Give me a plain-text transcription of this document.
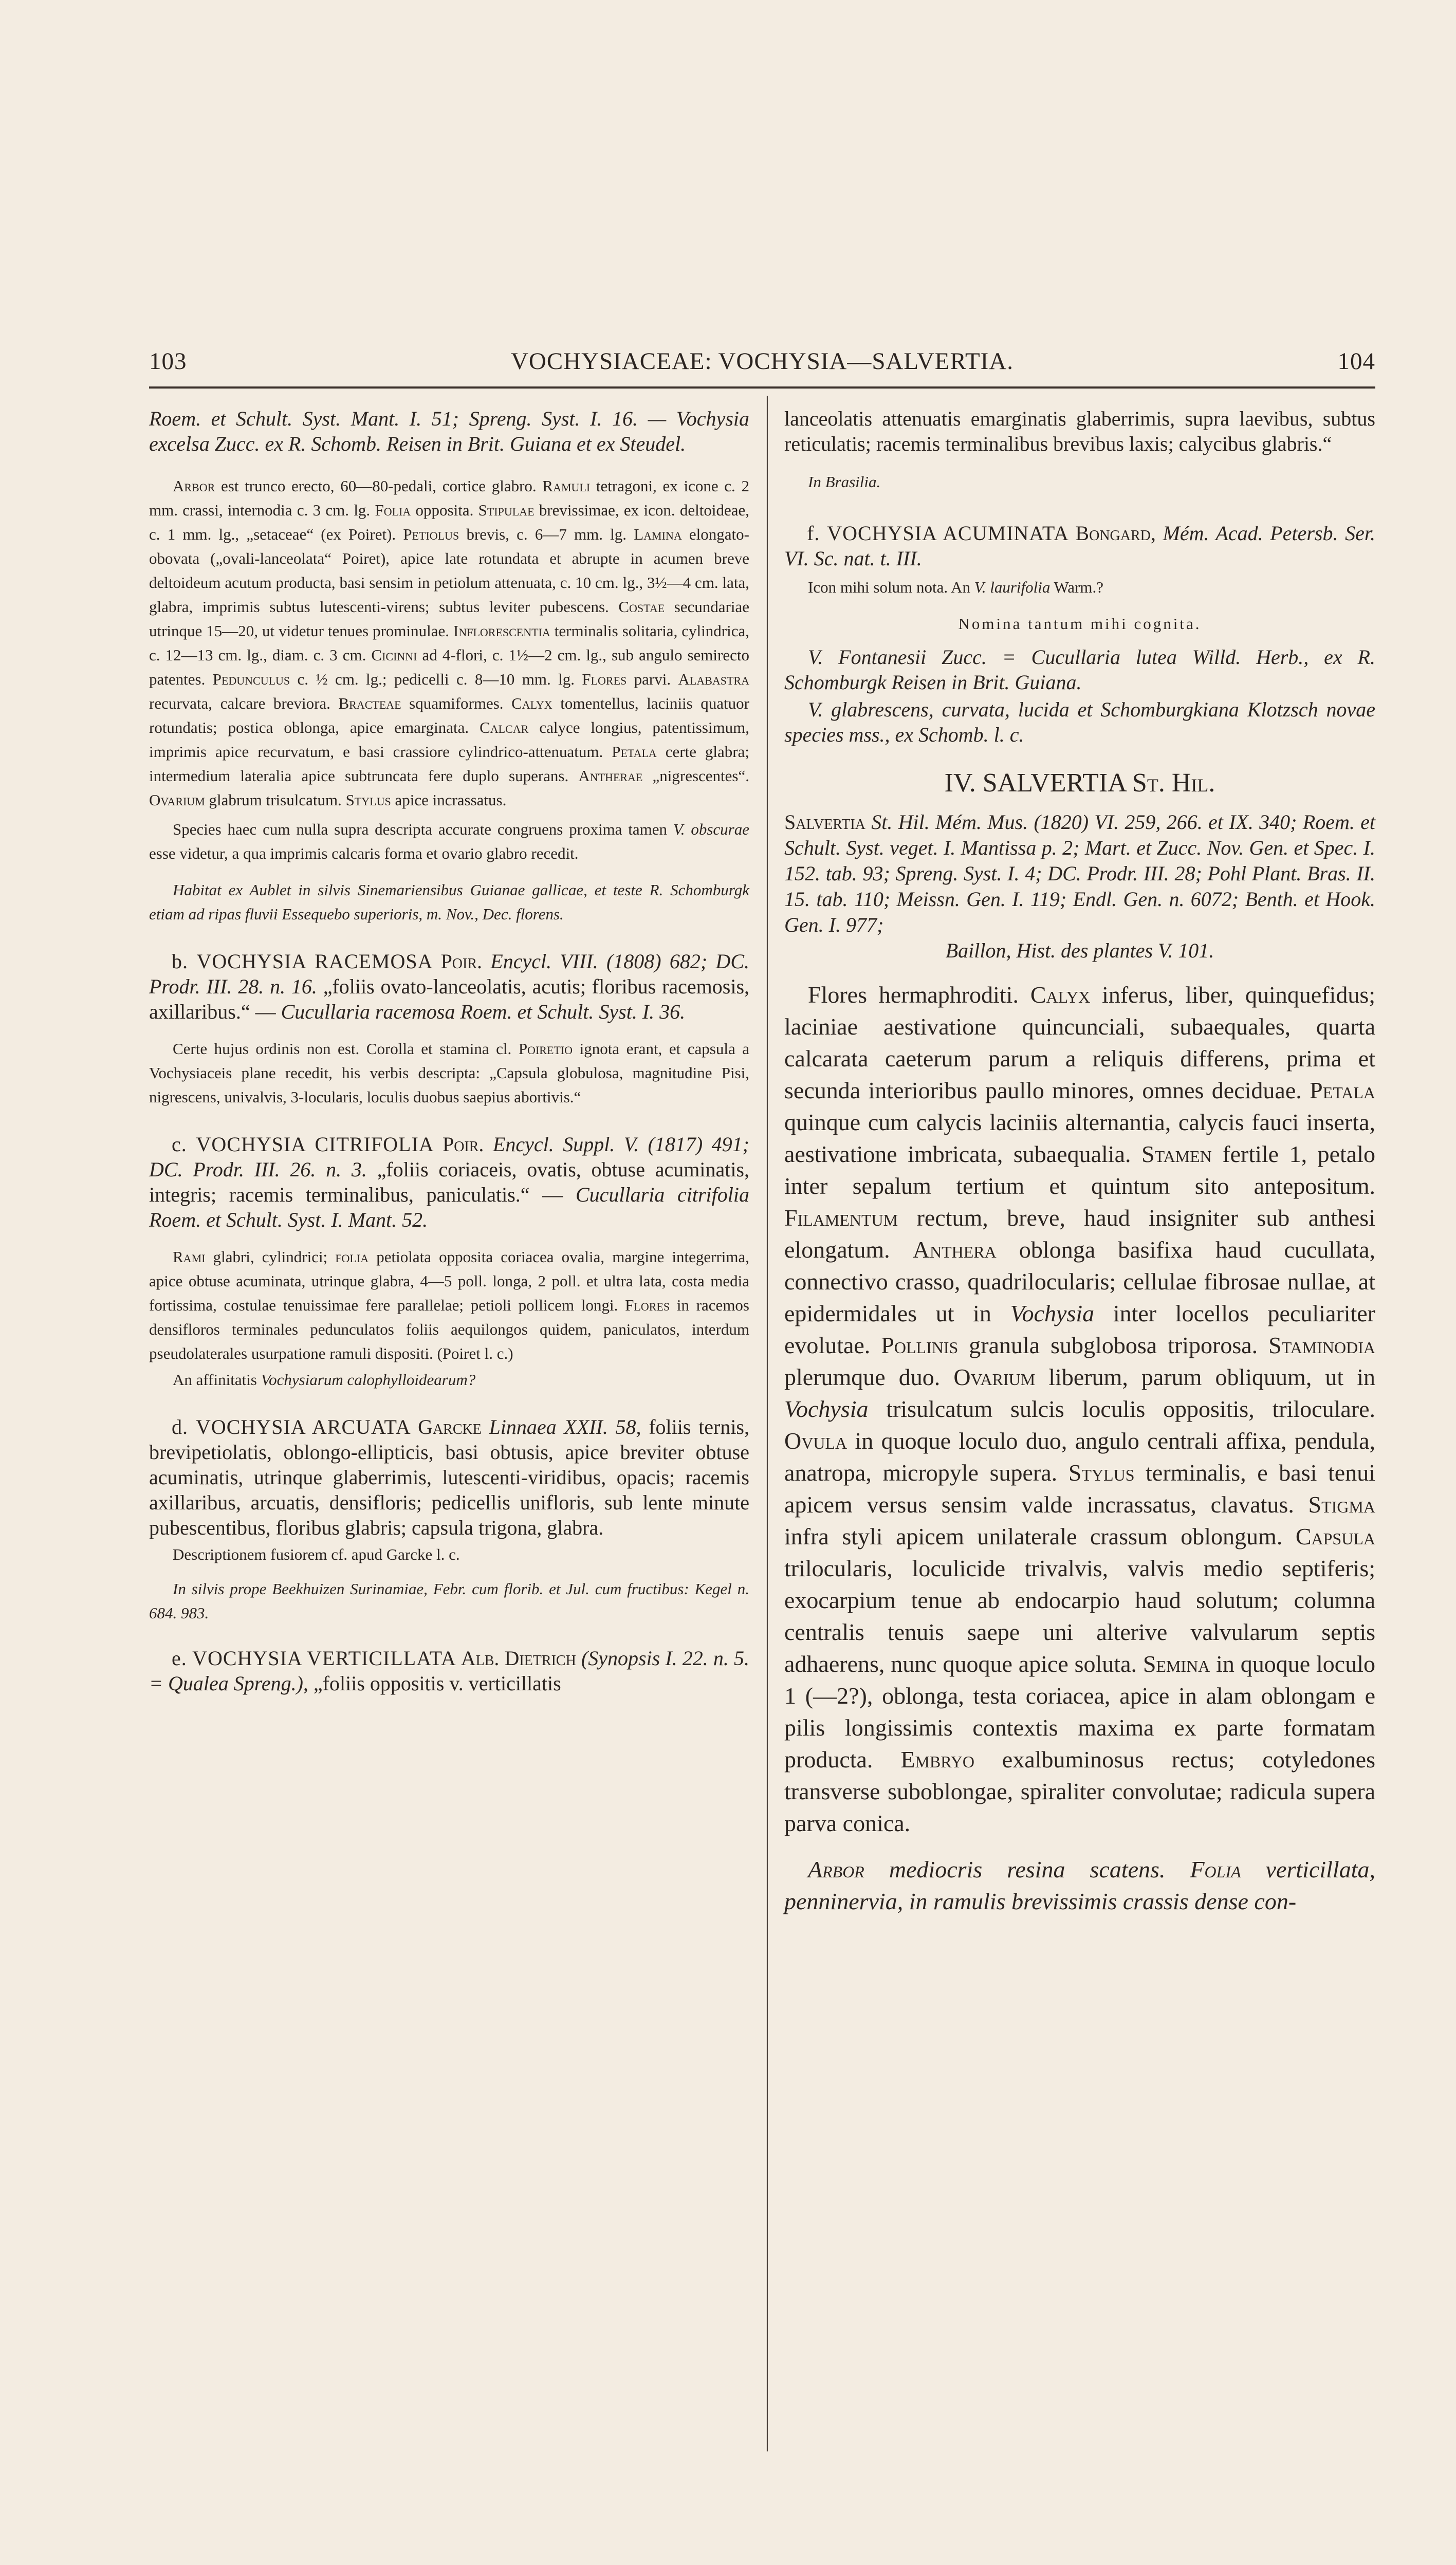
103	VOCHYSIACEAE: VOCHYSIA—SALVERTIA.	104

Roem. et Schult. Syst. Mant. I. 51; Spreng. Syst. I. 16. — Vochysia excelsa Zucc. ex R. Schomb. Reisen in Brit. Guiana et ex Steudel.

Arbor est trunco erecto, 60—80-pedali, cortice glabro. Ramuli tetragoni, ex icone c. 2 mm. crassi, internodia c. 3 cm. lg. Folia opposita. Stipulae brevissimae, ex icon. deltoideae, c. 1 mm. lg., „setaceae“ (ex Poiret). Petiolus brevis, c. 6—7 mm. lg. Lamina elongato-obovata („ovali-lanceolata“ Poiret), apice late rotundata et abrupte in acumen breve deltoideum acutum producta, basi sensim in petiolum attenuata, c. 10 cm. lg., 3½—4 cm. lata, glabra, imprimis subtus lutescenti-virens; subtus leviter pubescens. Costae secundariae utrinque 15—20, ut videtur tenues prominulae. Inflorescentia terminalis solitaria, cylindrica, c. 12—13 cm. lg., diam. c. 3 cm. Cicinni ad 4-flori, c. 1½—2 cm. lg., sub angulo semirecto patentes. Pedunculus c. ½ cm. lg.; pedicelli c. 8—10 mm. lg. Flores parvi. Alabastra recurvata, calcare breviora. Bracteae squamiformes. Calyx tomentellus, laciniis quatuor rotundatis; postica oblonga, apice emarginata. Calcar calyce longius, patentissimum, imprimis apice recurvatum, e basi crassiore cylindrico-attenuatum. Petala certe glabra; intermedium lateralia apice subtruncata fere duplo superans. Antherae „nigrescentes“. Ovarium glabrum trisulcatum. Stylus apice incrassatus.

Species haec cum nulla supra descripta accurate congruens proxima tamen V. obscurae esse videtur, a qua imprimis calcaris forma et ovario glabro recedit.

Habitat ex Aublet in silvis Sinemariensibus Guianae gallicae, et teste R. Schomburgk etiam ad ripas fluvii Essequebo superioris, m. Nov., Dec. florens.

b. VOCHYSIA RACEMOSA Poir. Encycl. VIII. (1808) 682; DC. Prodr. III. 28. n. 16. „foliis ovato-lanceolatis, acutis; floribus racemosis, axillaribus.“ — Cucullaria racemosa Roem. et Schult. Syst. I. 36.

Certe hujus ordinis non est. Corolla et stamina cl. Poiretio ignota erant, et capsula a Vochysiaceis plane recedit, his verbis descripta: „Capsula globulosa, magnitudine Pisi, nigrescens, univalvis, 3-locularis, loculis duobus saepius abortivis.“

c. VOCHYSIA CITRIFOLIA Poir. Encycl. Suppl. V. (1817) 491; DC. Prodr. III. 26. n. 3. „foliis coriaceis, ovatis, obtuse acuminatis, integris; racemis terminalibus, paniculatis.“ — Cucullaria citrifolia Roem. et Schult. Syst. I. Mant. 52.

Rami glabri, cylindrici; folia petiolata opposita coriacea ovalia, margine integerrima, apice obtuse acuminata, utrinque glabra, 4—5 poll. longa, 2 poll. et ultra lata, costa media fortissima, costulae tenuissimae fere parallelae; petioli pollicem longi. Flores in racemos densifloros terminales pedunculatos foliis aequilongos quidem, paniculatos, interdum pseudolaterales usurpatione ramuli dispositi. (Poiret l. c.)

An affinitatis Vochysiarum calophylloidearum?

d. VOCHYSIA ARCUATA Garcke Linnaea XXII. 58, foliis ternis, brevipetiolatis, oblongo-ellipticis, basi obtusis, apice breviter obtuse acuminatis, utrinque glaberrimis, lutescenti-viridibus, opacis; racemis axillaribus, arcuatis, densifloris; pedicellis unifloris, sub lente minute pubescentibus, floribus glabris; capsula trigona, glabra.

Descriptionem fusiorem cf. apud Garcke l. c.

In silvis prope Beekhuizen Surinamiae, Febr. cum florib. et Jul. cum fructibus: Kegel n. 684. 983.

e. VOCHYSIA VERTICILLATA Alb. Dietrich (Synopsis I. 22. n. 5. = Qualea Spreng.), „foliis oppositis v. verticillatis

lanceolatis attenuatis emarginatis glaberrimis, supra laevibus, subtus reticulatis; racemis terminalibus brevibus laxis; calycibus glabris.“

In Brasilia.

f. VOCHYSIA ACUMINATA Bongard, Mém. Acad. Petersb. Ser. VI. Sc. nat. t. III.

Icon mihi solum nota. An V. laurifolia Warm.?

Nomina tantum mihi cognita.

V. Fontanesii Zucc. = Cucullaria lutea Willd. Herb., ex R. Schomburgk Reisen in Brit. Guiana.

V. glabrescens, curvata, lucida et Schomburgkiana Klotzsch novae species mss., ex Schomb. l. c.

IV. SALVERTIA St. Hil.

Salvertia St. Hil. Mém. Mus. (1820) VI. 259, 266. et IX. 340; Roem. et Schult. Syst. veget. I. Mantissa p. 2; Mart. et Zucc. Nov. Gen. et Spec. I. 152. tab. 93; Spreng. Syst. I. 4; DC. Prodr. III. 28; Pohl Plant. Bras. II. 15. tab. 110; Meissn. Gen. I. 119; Endl. Gen. n. 6072; Benth. et Hook. Gen. I. 977;

Baillon, Hist. des plantes V. 101.

Flores hermaphroditi. Calyx inferus, liber, quinquefidus; laciniae aestivatione quincunciali, subaequales, quarta calcarata caeterum parum a reliquis differens, prima et secunda interioribus paullo minores, omnes deciduae. Petala quinque cum calycis laciniis alternantia, calycis fauci inserta, aestivatione imbricata, subaequalia. Stamen fertile 1, petalo inter sepalum tertium et quintum sito antepositum. Filamentum rectum, breve, haud insigniter sub anthesi elongatum. Anthera oblonga basifixa haud cucullata, connectivo crasso, quadrilocularis; cellulae fibrosae nullae, at epidermidales ut in Vochysia inter locellos peculiariter evolutae. Pollinis granula subglobosa triporosa. Staminodia plerumque duo. Ovarium liberum, parum obliquum, ut in Vochysia trisulcatum sulcis loculis oppositis, triloculare. Ovula in quoque loculo duo, angulo centrali affixa, pendula, anatropa, micropyle supera. Stylus terminalis, e basi tenui apicem versus sensim valde incrassatus, clavatus. Stigma infra styli apicem unilaterale crassum oblongum. Capsula trilocularis, loculicide trivalvis, valvis medio septiferis; exocarpium tenue ab endocarpio haud solutum; columna centralis tenuis saepe uni alterive valvularum septis adhaerens, nunc quoque apice soluta. Semina in quoque loculo 1 (—2?), oblonga, testa coriacea, apice in alam oblongam e pilis longissimis contextis maxima ex parte formatam producta. Embryo exalbuminosus rectus; cotyledones transverse suboblongae, spiraliter convolutae; radicula supera parva conica.

Arbor mediocris resina scatens. Folia verticillata, penninervia, in ramulis brevissimis crassis dense con-
